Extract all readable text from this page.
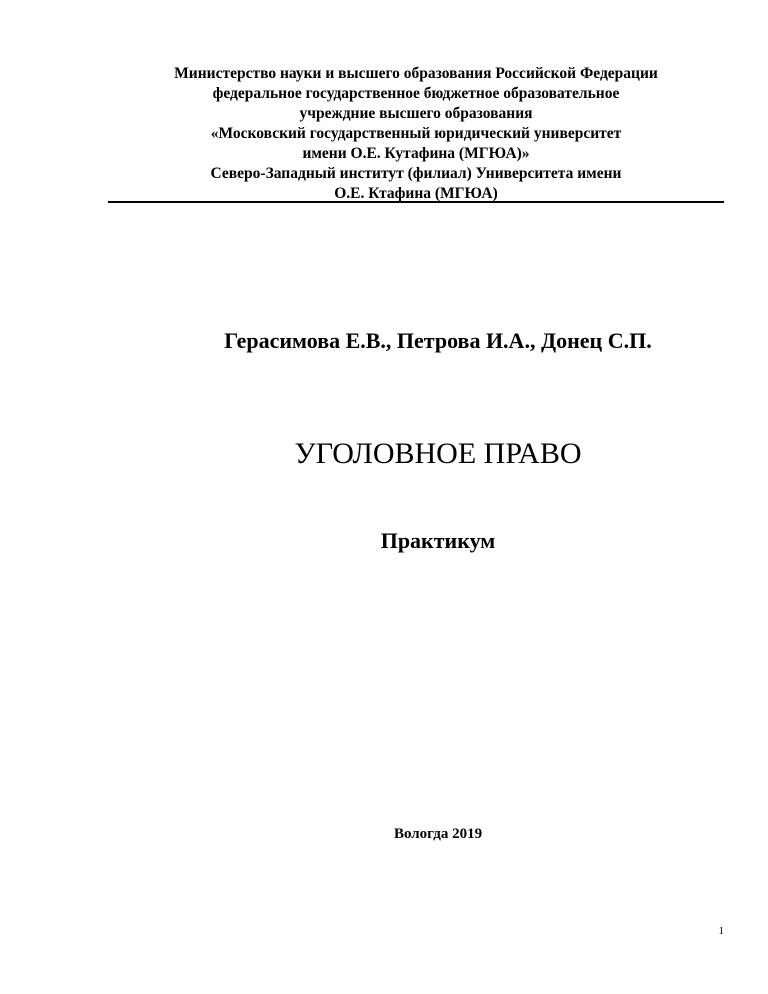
Министерство науки и высшего образования Российской Федерации
федеральное государственное бюджетное образовательное
учреждние высшего образования
«Московский государственный юридический университет
имени О.Е. Кутафина (МГЮА)»
Северо-Западный институт (филиал) Университета имени
О.Е. Ктафина (МГЮА)
Герасимова Е.В., Петрова И.А., Донец С.П.
УГОЛОВНОЕ ПРАВО
Практикум
Вологда 2019
1
